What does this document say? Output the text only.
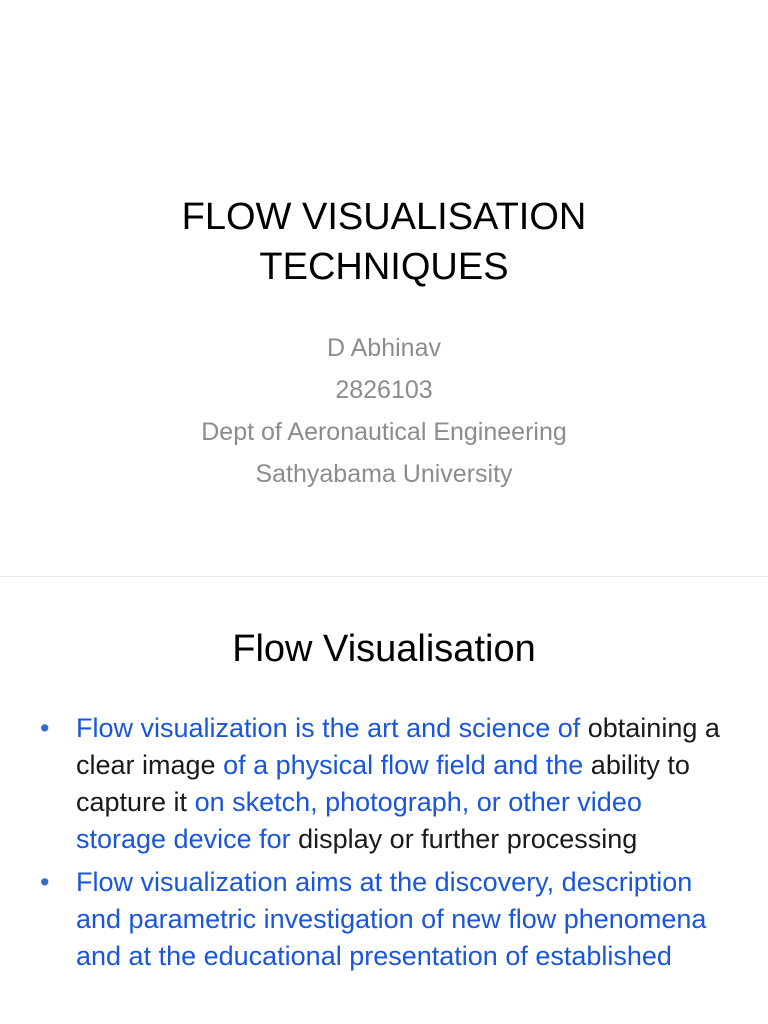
FLOW VISUALISATION
TECHNIQUES
D Abhinav
2826103
Dept of Aeronautical Engineering
Sathyabama University
Flow Visualisation
• Flow visualization is the art and science of obtaining a clear image of a physical flow field and the ability to capture it on sketch, photograph, or other video storage device for display or further processing
• Flow visualization aims at the discovery, description and parametric investigation of new flow phenomena and at the educational presentation of established
